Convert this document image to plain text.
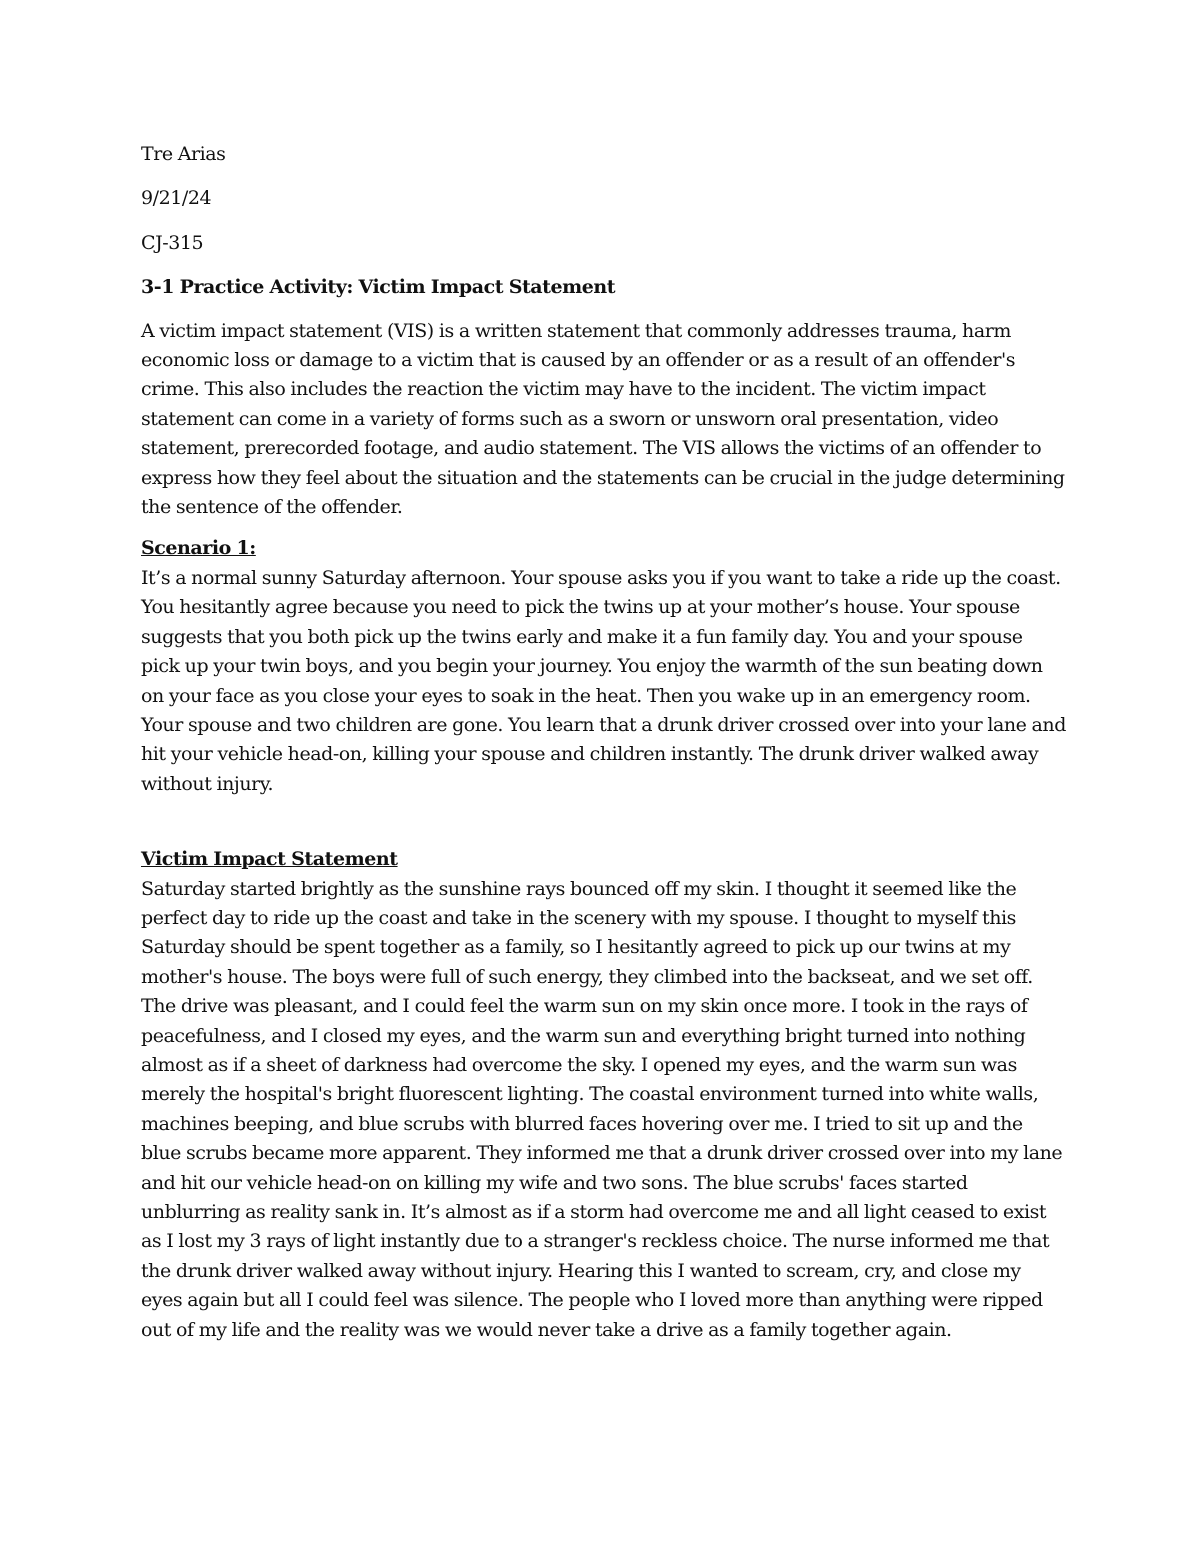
Tre Arias

9/21/24

CJ-315

3-1 Practice Activity: Victim Impact Statement

A victim impact statement (VIS) is a written statement that commonly addresses trauma, harm economic loss or damage to a victim that is caused by an offender or as a result of an offender's crime. This also includes the reaction the victim may have to the incident. The victim impact statement can come in a variety of forms such as a sworn or unsworn oral presentation, video statement, prerecorded footage, and audio statement. The VIS allows the victims of an offender to express how they feel about the situation and the statements can be crucial in the judge determining the sentence of the offender.

Scenario 1:

It’s a normal sunny Saturday afternoon. Your spouse asks you if you want to take a ride up the coast. You hesitantly agree because you need to pick the twins up at your mother’s house. Your spouse suggests that you both pick up the twins early and make it a fun family day. You and your spouse pick up your twin boys, and you begin your journey. You enjoy the warmth of the sun beating down on your face as you close your eyes to soak in the heat. Then you wake up in an emergency room. Your spouse and two children are gone. You learn that a drunk driver crossed over into your lane and hit your vehicle head-on, killing your spouse and children instantly. The drunk driver walked away without injury.

Victim Impact Statement

Saturday started brightly as the sunshine rays bounced off my skin. I thought it seemed like the perfect day to ride up the coast and take in the scenery with my spouse. I thought to myself this Saturday should be spent together as a family, so I hesitantly agreed to pick up our twins at my mother's house. The boys were full of such energy, they climbed into the backseat, and we set off. The drive was pleasant, and I could feel the warm sun on my skin once more. I took in the rays of peacefulness, and I closed my eyes, and the warm sun and everything bright turned into nothing almost as if a sheet of darkness had overcome the sky. I opened my eyes, and the warm sun was merely the hospital's bright fluorescent lighting. The coastal environment turned into white walls, machines beeping, and blue scrubs with blurred faces hovering over me. I tried to sit up and the blue scrubs became more apparent. They informed me that a drunk driver crossed over into my lane and hit our vehicle head-on on killing my wife and two sons. The blue scrubs' faces started unblurring as reality sank in. It’s almost as if a storm had overcome me and all light ceased to exist as I lost my 3 rays of light instantly due to a stranger's reckless choice. The nurse informed me that the drunk driver walked away without injury. Hearing this I wanted to scream, cry, and close my eyes again but all I could feel was silence. The people who I loved more than anything were ripped out of my life and the reality was we would never take a drive as a family together again.
